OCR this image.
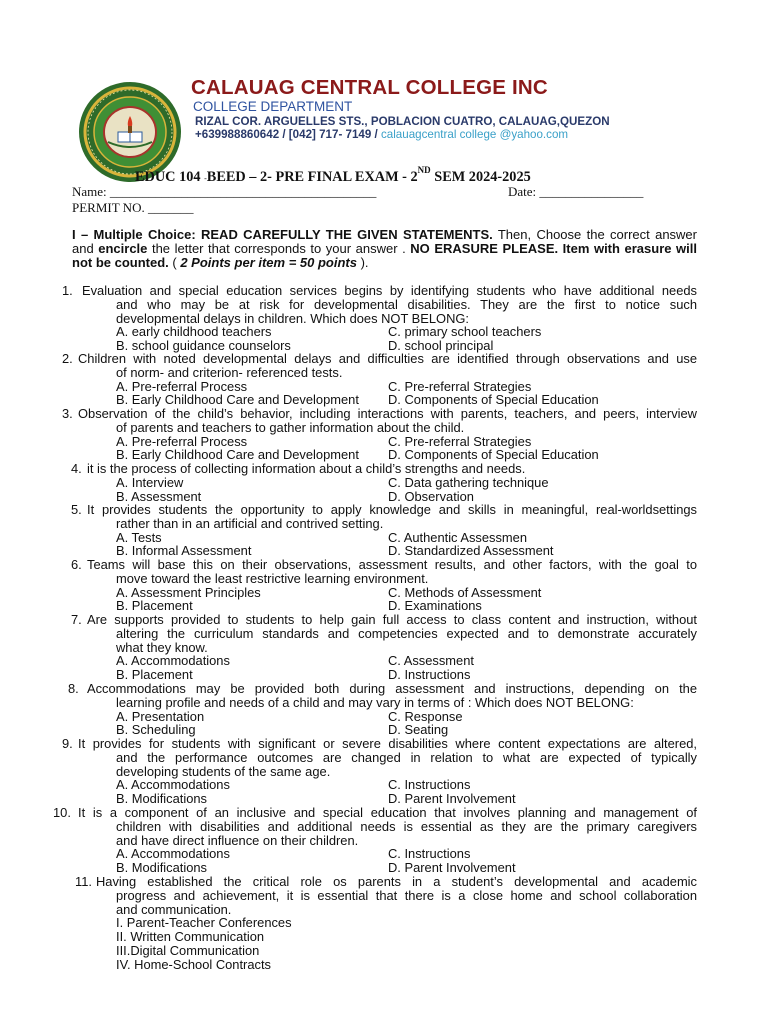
CALAUAG CENTRAL COLLEGE INC
COLLEGE DEPARTMENT
RIZAL COR. ARGUELLES STS., POBLACION CUATRO, CALAUAG,QUEZON
+639988860642 / [042] 717- 7149 / calauagcentral college @yahoo.com
EDUC 104 -BEED – 2- PRE FINAL EXAM - 2ND SEM 2024-2025
Name: _________________________________________	Date: ________________
PERMIT NO. _______
I – Multiple Choice: READ CAREFULLY THE GIVEN STATEMENTS. Then, Choose the correct answer and encircle the letter that corresponds to your answer . NO ERASURE PLEASE. Item with erasure will not be counted. ( 2 Points per item = 50 points ).
1. Evaluation and special education services begins by identifying students who have additional needs
and who may be at risk for developmental disabilities. They are the first to notice such
developmental delays in children. Which does NOT BELONG:
A. early childhood teachers	C. primary school teachers
B. school guidance counselors	D. school principal
2. Children with noted developmental delays and difficulties are identified through observations and use
of norm- and criterion- referenced tests.
A. Pre-referral Process	C. Pre-referral Strategies
B. Early Childhood Care and Development D. Components of Special Education
3. Observation of the child’s behavior, including interactions with parents, teachers, and peers, interview
of parents and teachers to gather information about the child.
A. Pre-referral Process	C. Pre-referral Strategies
B. Early Childhood Care and Development D. Components of Special Education
4. it is the process of collecting information about a child’s strengths and needs.
A. Interview	C. Data gathering technique
B. Assessment	D. Observation
5. It provides students the opportunity to apply knowledge and skills in meaningful, real-worldsettings
rather than in an artificial and contrived setting.
A. Tests	C. Authentic Assessmen
B. Informal Assessment	D. Standardized Assessment
6. Teams will base this on their observations, assessment results, and other factors, with the goal to
move toward the least restrictive learning environment.
A. Assessment Principles	C. Methods of Assessment
B. Placement	D. Examinations
7. Are supports provided to students to help gain full access to class content and instruction, without
altering the curriculum standards and competencies expected and to demonstrate accurately
what they know.
A. Accommodations	C. Assessment
B. Placement	D. Instructions
8. Accommodations may be provided both during assessment and instructions, depending on the
learning profile and needs of a child and may vary in terms of : Which does NOT BELONG:
A. Presentation	C. Response
B. Scheduling	D. Seating
9. It provides for students with significant or severe disabilities where content expectations are altered,
and the performance outcomes are changed in relation to what are expected of typically
developing students of the same age.
A. Accommodations	C. Instructions
B. Modifications	D. Parent Involvement
10. It is a component of an inclusive and special education that involves planning and management of
children with disabilities and additional needs is essential as they are the primary caregivers
and have direct influence on their children.
A. Accommodations	C. Instructions
B. Modifications	D. Parent Involvement
11. Having established the critical role os parents in a student’s developmental and academic
progress and achievement, it is essential that there is a close home and school collaboration
and communication.
I. Parent-Teacher Conferences
II. Written Communication
III.Digital Communication
IV. Home-School Contracts
